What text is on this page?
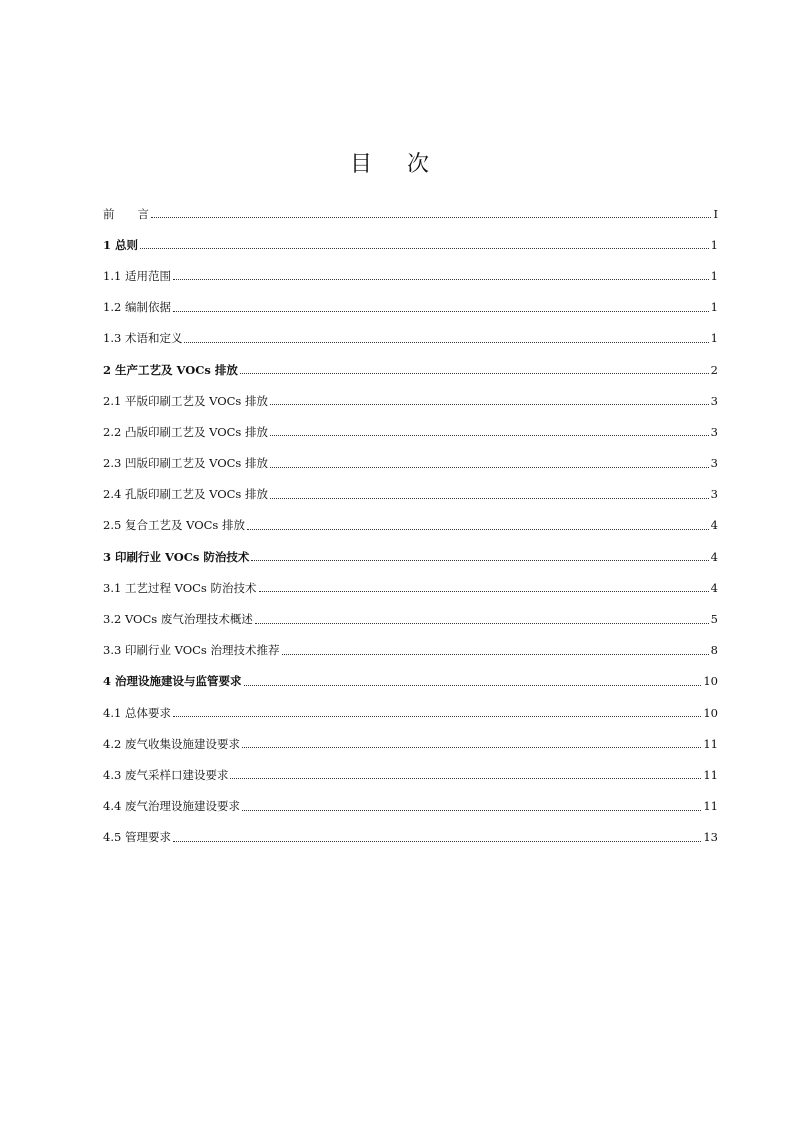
目 次
前　　言	I
1 总则	1
1.1 适用范围	1
1.2 编制依据	1
1.3 术语和定义	1
2 生产工艺及 VOCs 排放	2
2.1 平版印刷工艺及 VOCs 排放	3
2.2 凸版印刷工艺及 VOCs 排放	3
2.3 凹版印刷工艺及 VOCs 排放	3
2.4 孔版印刷工艺及 VOCs 排放	3
2.5 复合工艺及 VOCs 排放	4
3 印刷行业 VOCs 防治技术	4
3.1 工艺过程 VOCs 防治技术	4
3.2 VOCs 废气治理技术概述	5
3.3 印刷行业 VOCs 治理技术推荐	8
4 治理设施建设与监管要求	10
4.1 总体要求	10
4.2 废气收集设施建设要求	11
4.3 废气采样口建设要求	11
4.4 废气治理设施建设要求	11
4.5 管理要求	13
